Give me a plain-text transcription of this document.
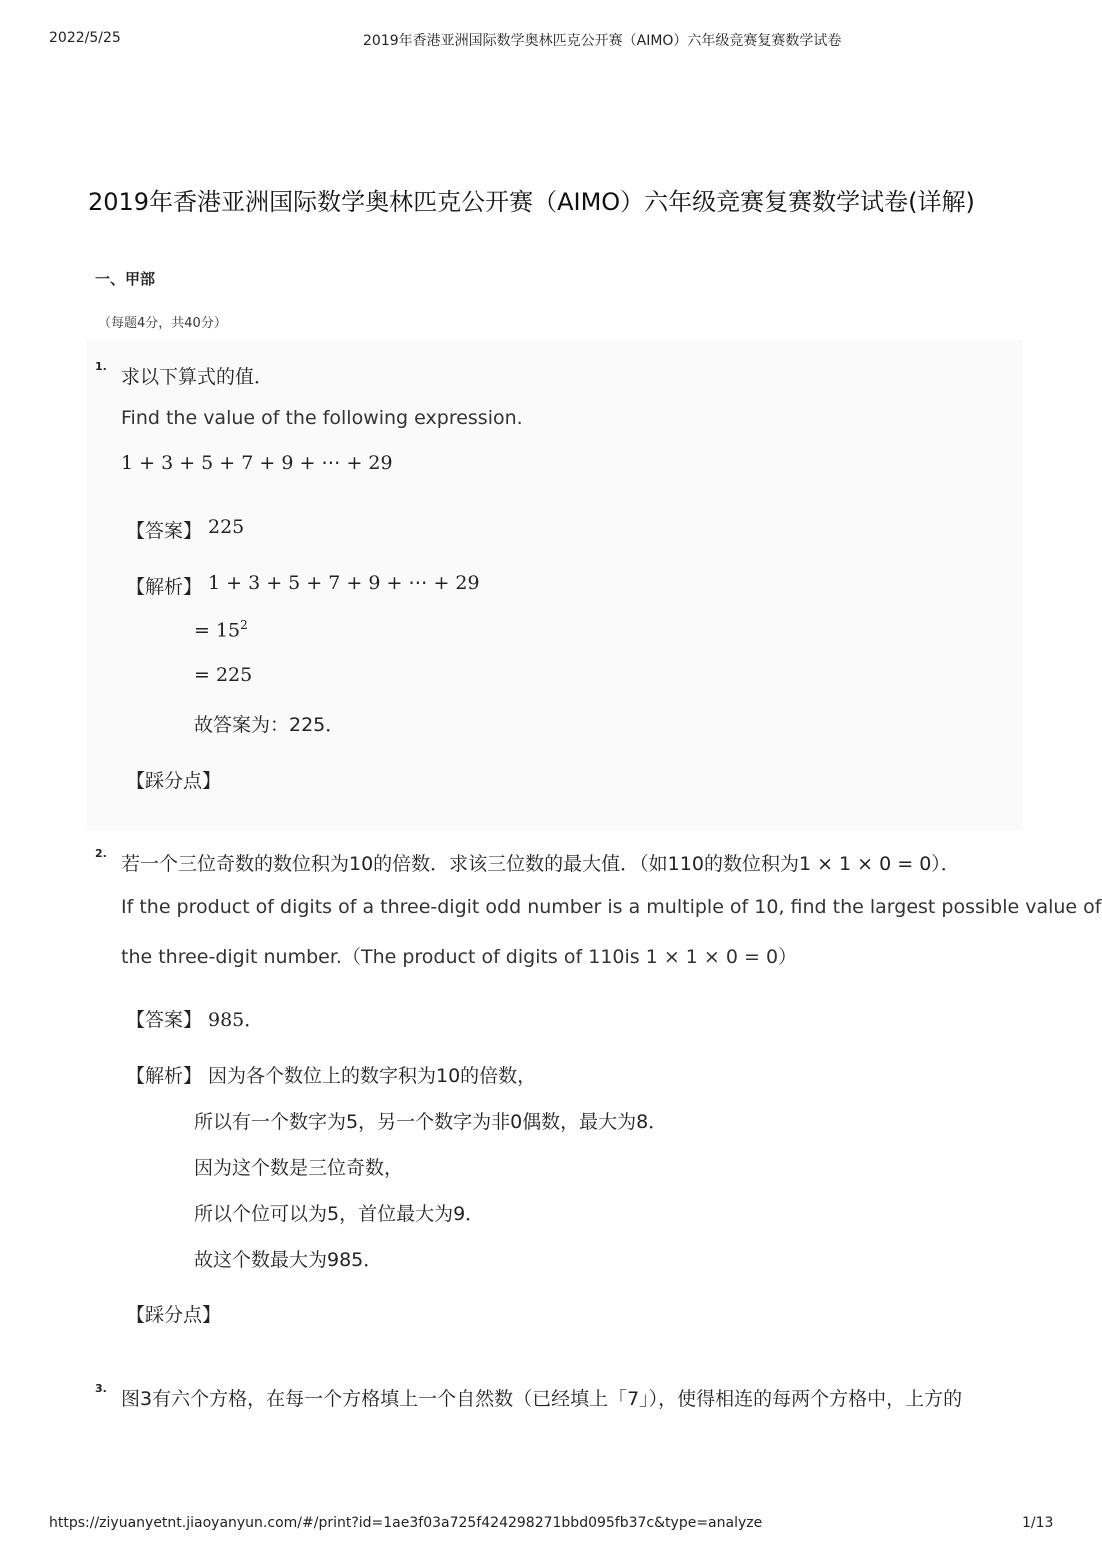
2022/5/25	2019年香港亚洲国际数学奥林匹克公开赛（AIMO）六年级竞赛复赛数学试卷
2019年香港亚洲国际数学奥林匹克公开赛（AIMO）六年级竞赛复赛数学试卷(详解)
一、甲部
（每题4分，共40分）
1. 求以下算式的值．
Find the value of the following expression.
1 + 3 + 5 + 7 + 9 + ⋯ + 29
【答案】 225
【解析】 1 + 3 + 5 + 7 + 9 + ⋯ + 29
= $15^2$
= 225
故答案为：225．
【踩分点】
2. 若一个三位奇数的数位积为10的倍数．求该三位数的最大值．（如110的数位积为1 × 1 × 0 = 0）．
If the product of digits of a three-digit odd number is a multiple of 10, find the largest possible value of
the three-digit number.（The product of digits of 110is 1 × 1 × 0 = 0）
【答案】 985．
【解析】 因为各个数位上的数字积为10的倍数，
所以有一个数字为5，另一个数字为非0偶数，最大为8．
因为这个数是三位奇数，
所以个位可以为5，首位最大为9．
故这个数最大为985．
【踩分点】
3. 图3有六个方格，在每一个方格填上一个自然数（已经填上「7」），使得相连的每两个方格中，上方的
https://ziyuanyetnt.jiaoyanyun.com/#/print?id=1ae3f03a725f424298271bbd095fb37c&type=analyze	1/13
